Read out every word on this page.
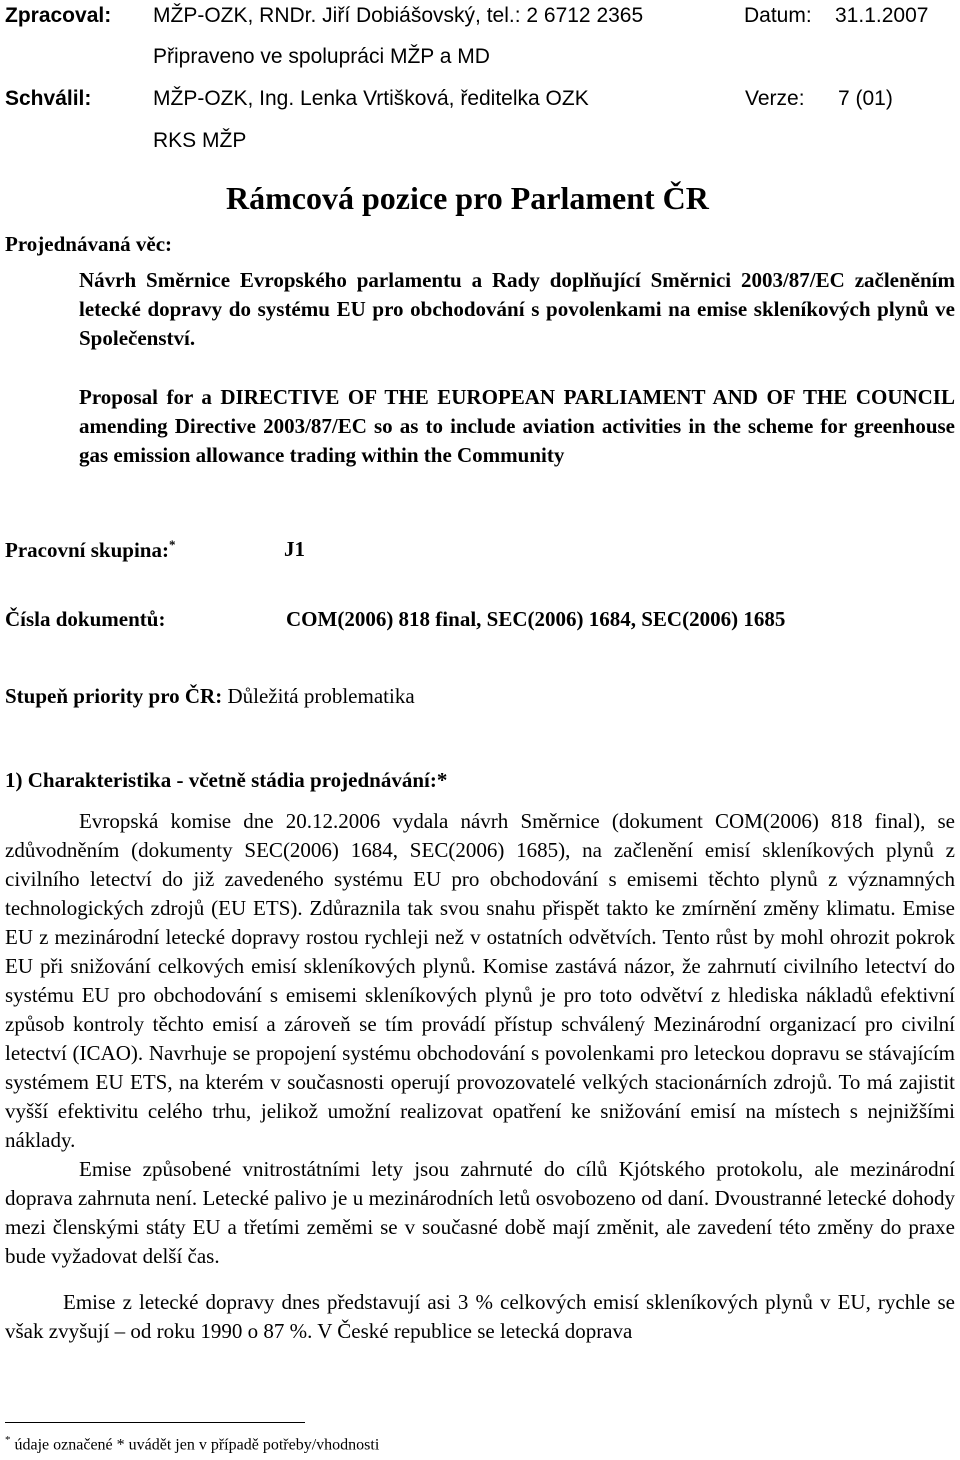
Zpracoval: MŽP-OZK, RNDr. Jiří Dobiášovský, tel.: 2 6712 2365	Datum: 31.1.2007
Připraveno ve spolupráci MŽP a MD
Schválil:	MŽP-OZK, Ing. Lenka Vrtišková, ředitelka OZK	Verze: 7 (01)
RKS MŽP
Rámcová pozice pro Parlament ČR
Projednávaná věc:
Návrh Směrnice Evropského parlamentu a Rady doplňující Směrnici 2003/87/EC začleněním letecké dopravy do systému EU pro obchodování s povolenkami na emise skleníkových plynů ve Společenství.
Proposal for a DIRECTIVE OF THE EUROPEAN PARLIAMENT AND OF THE COUNCIL amending Directive 2003/87/EC so as to include aviation activities in the scheme for greenhouse gas emission allowance trading within the Community
Pracovní skupina:*	J1
Čísla dokumentů:	COM(2006) 818 final, SEC(2006) 1684, SEC(2006) 1685
Stupeň priority pro ČR: Důležitá problematika
1) Charakteristika - včetně stádia projednávání:*

Evropská komise dne 20.12.2006 vydala návrh Směrnice (dokument COM(2006) 818 final), se zdůvodněním (dokumenty SEC(2006) 1684, SEC(2006) 1685), na začlenění emisí skleníkových plynů z civilního letectví do již zavedeného systému EU pro obchodování s emisemi těchto plynů z významných technologických zdrojů (EU ETS). Zdůraznila tak svou snahu přispět takto ke zmírnění změny klimatu. Emise EU z mezinárodní letecké dopravy rostou rychleji než v ostatních odvětvích. Tento růst by mohl ohrozit pokrok EU při snižování celkových emisí skleníkových plynů. Komise zastává názor, že zahrnutí civilního letectví do systému EU pro obchodování s emisemi skleníkových plynů je pro toto odvětví z hlediska nákladů efektivní způsob kontroly těchto emisí a zároveň se tím provádí přístup schválený Mezinárodní organizací pro civilní letectví (ICAO). Navrhuje se propojení systému obchodování s povolenkami pro leteckou dopravu se stávajícím systémem EU ETS, na kterém v současnosti operují provozovatelé velkých stacionárních zdrojů. To má zajistit vyšší efektivitu celého trhu, jelikož umožní realizovat opatření ke snižování emisí na místech s nejnižšími náklady.

Emise způsobené vnitrostátními lety jsou zahrnuté do cílů Kjótského protokolu, ale mezinárodní doprava zahrnuta není. Letecké palivo je u mezinárodních letů osvobozeno od daní. Dvoustranné letecké dohody mezi členskými státy EU a třetími zeměmi se v současné době mají změnit, ale zavedení této změny do praxe bude vyžadovat delší čas.

Emise z letecké dopravy dnes představují asi 3 % celkových emisí skleníkových plynů v EU, rychle se však zvyšují – od roku 1990 o 87 %. V České republice se letecká doprava

* údaje označené * uvádět jen v případě potřeby/vhodnosti
